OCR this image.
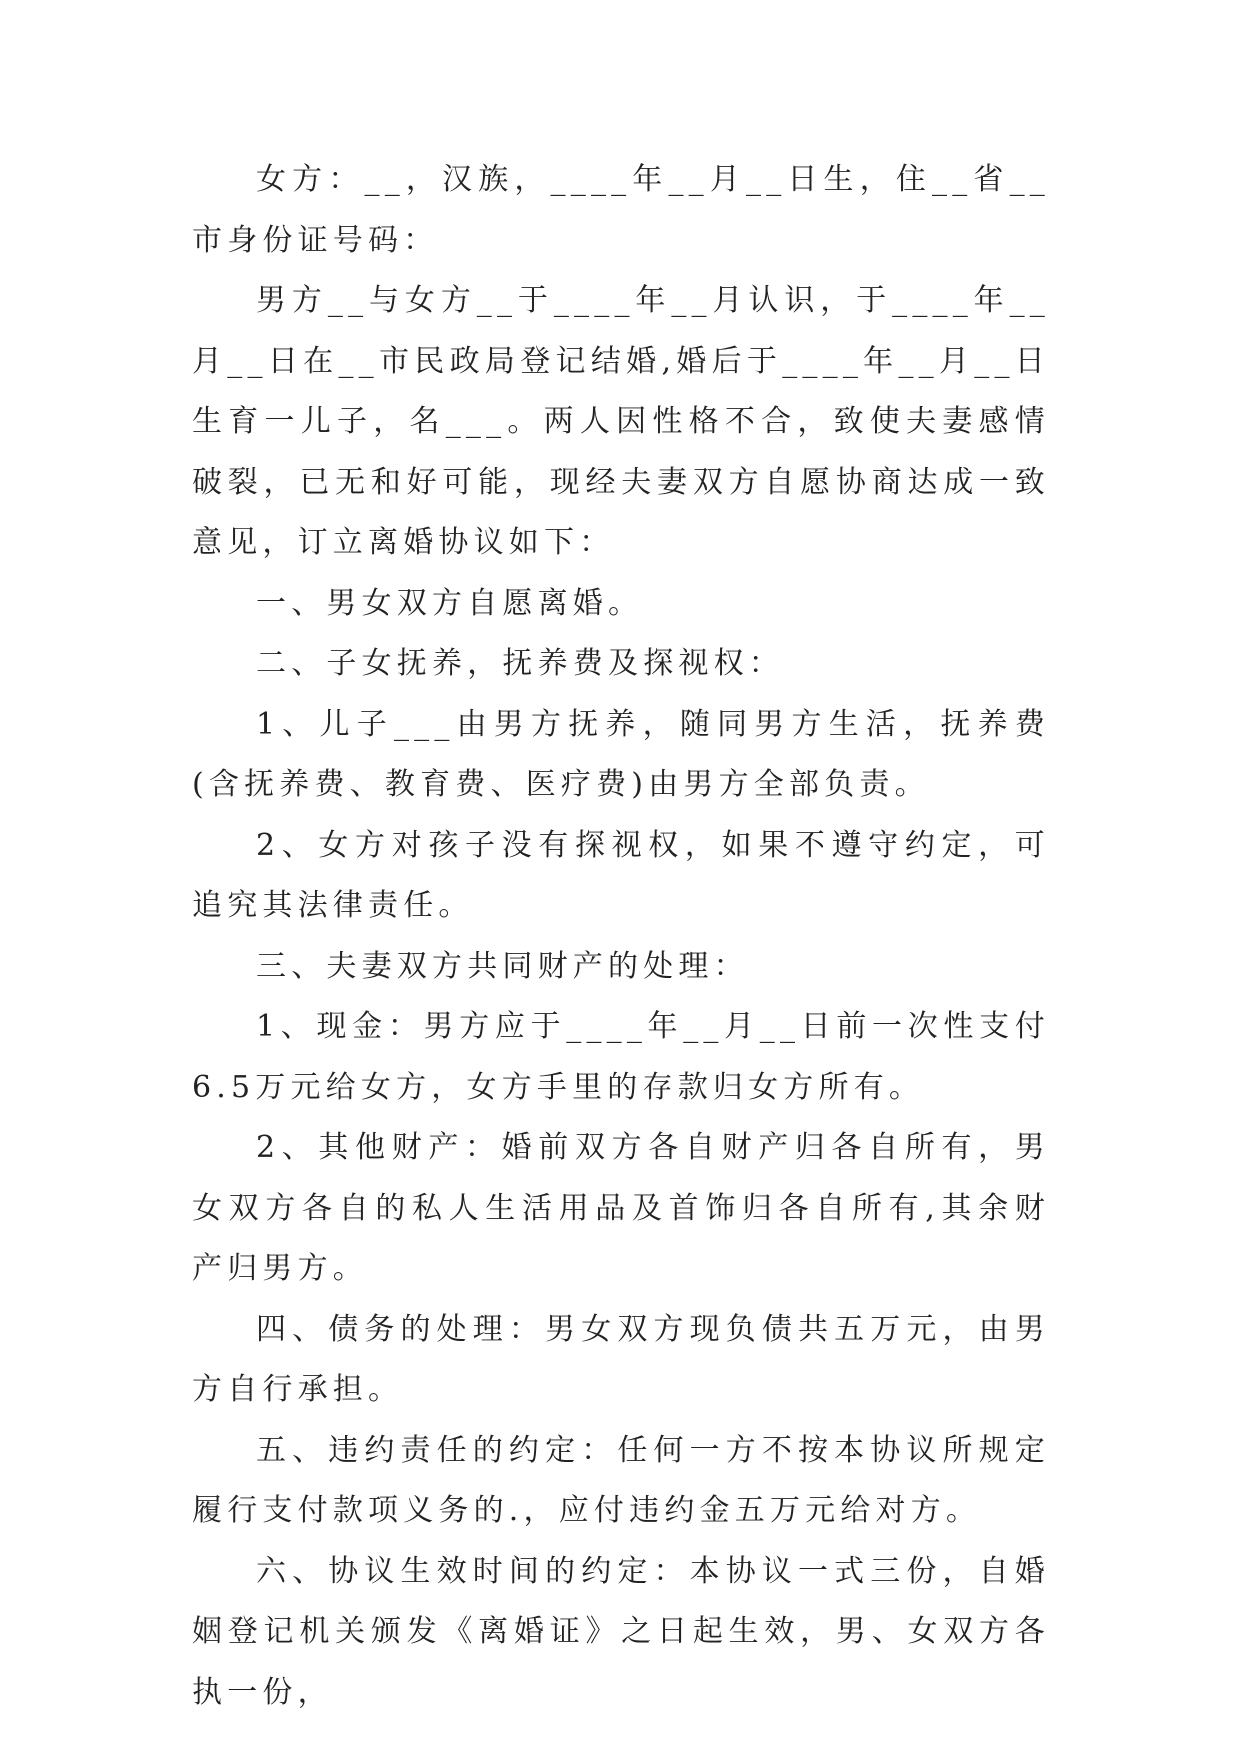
女方：__，汉族，____年__月__日生，住__省__市身份证号码：

男方__与女方__于____年__月认识，于____年__月__日在__市民政局登记结婚,婚后于____年__月__日生育一儿子，名___。两人因性格不合，致使夫妻感情破裂，已无和好可能，现经夫妻双方自愿协商达成一致意见，订立离婚协议如下：

一、男女双方自愿离婚。

二、子女抚养，抚养费及探视权：

1、儿子___由男方抚养，随同男方生活，抚养费(含抚养费、教育费、医疗费)由男方全部负责。

2、女方对孩子没有探视权，如果不遵守约定，可追究其法律责任。

三、夫妻双方共同财产的处理：

1、现金：男方应于____年__月__日前一次性支付6.5万元给女方，女方手里的存款归女方所有。

2、其他财产：婚前双方各自财产归各自所有，男女双方各自的私人生活用品及首饰归各自所有,其余财产归男方。

四、债务的处理：男女双方现负债共五万元，由男方自行承担。

五、违约责任的约定：任何一方不按本协议所规定履行支付款项义务的.，应付违约金五万元给对方。

六、协议生效时间的约定：本协议一式三份，自婚姻登记机关颁发《离婚证》之日起生效，男、女双方各执一份，
